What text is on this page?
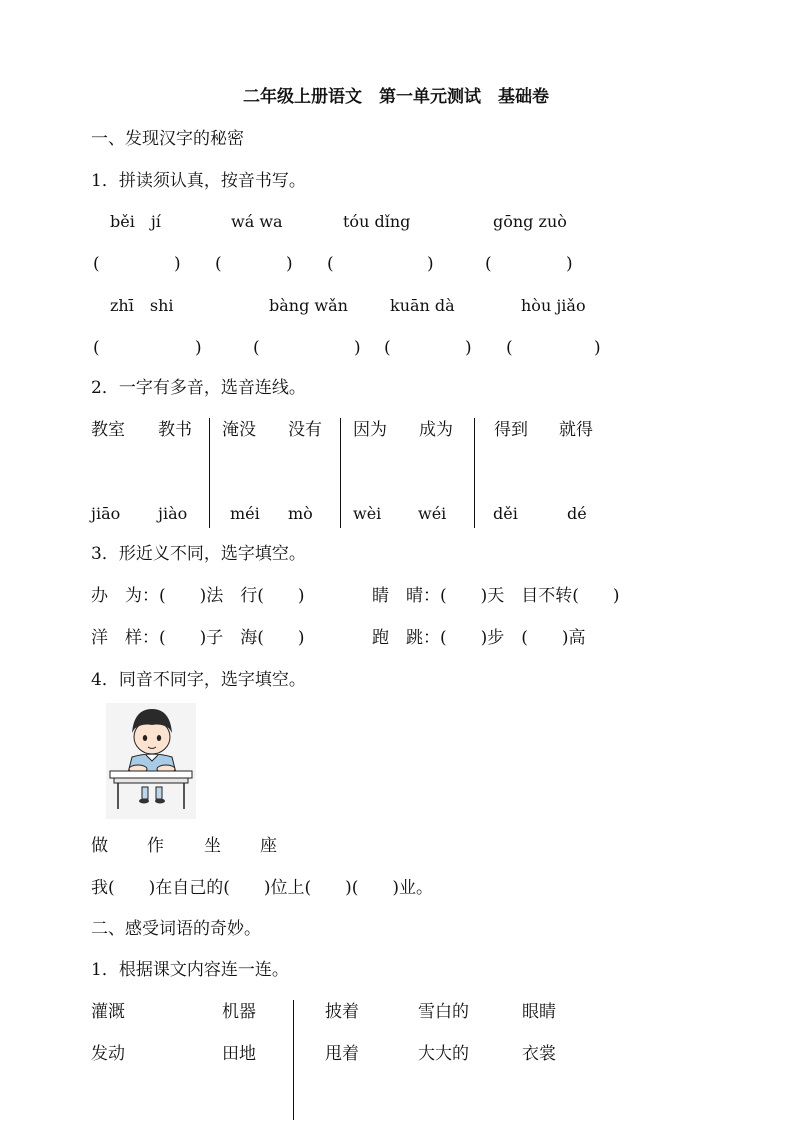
二年级上册语文　第一单元测试　基础卷
一、发现汉字的秘密
1．拼读须认真，按音书写。
běi　jí	wá wa	tóu dǐng	gōng zuò
(	) (	) (	)	(	)
zhī　shi	bàng wǎn	kuān dà	hòu jiǎo
(	)	(	) (	) (	)
2．一字有多音，选音连线。
教室 教书 淹没 没有 因为 成为 得到 就得
jiāo jiào	méi mò	wèi wéi	děi	dé
3．形近义不同，选字填空。
办　为：(　　)法　行(　　)	睛　晴：(　　)天　目不转(　　)
洋　样：(　　)子　海(　　)	跑　跳：(　　)步　(　　)高
4．同音不同字，选字填空。
做 作 坐 座
我(　　)在自己的(　　)位上(　　)(　　)业。
二、感受词语的奇妙。
1．根据课文内容连一连。
灌溉	机器	披着	雪白的	眼睛
发动	田地	甩着	大大的	衣裳
